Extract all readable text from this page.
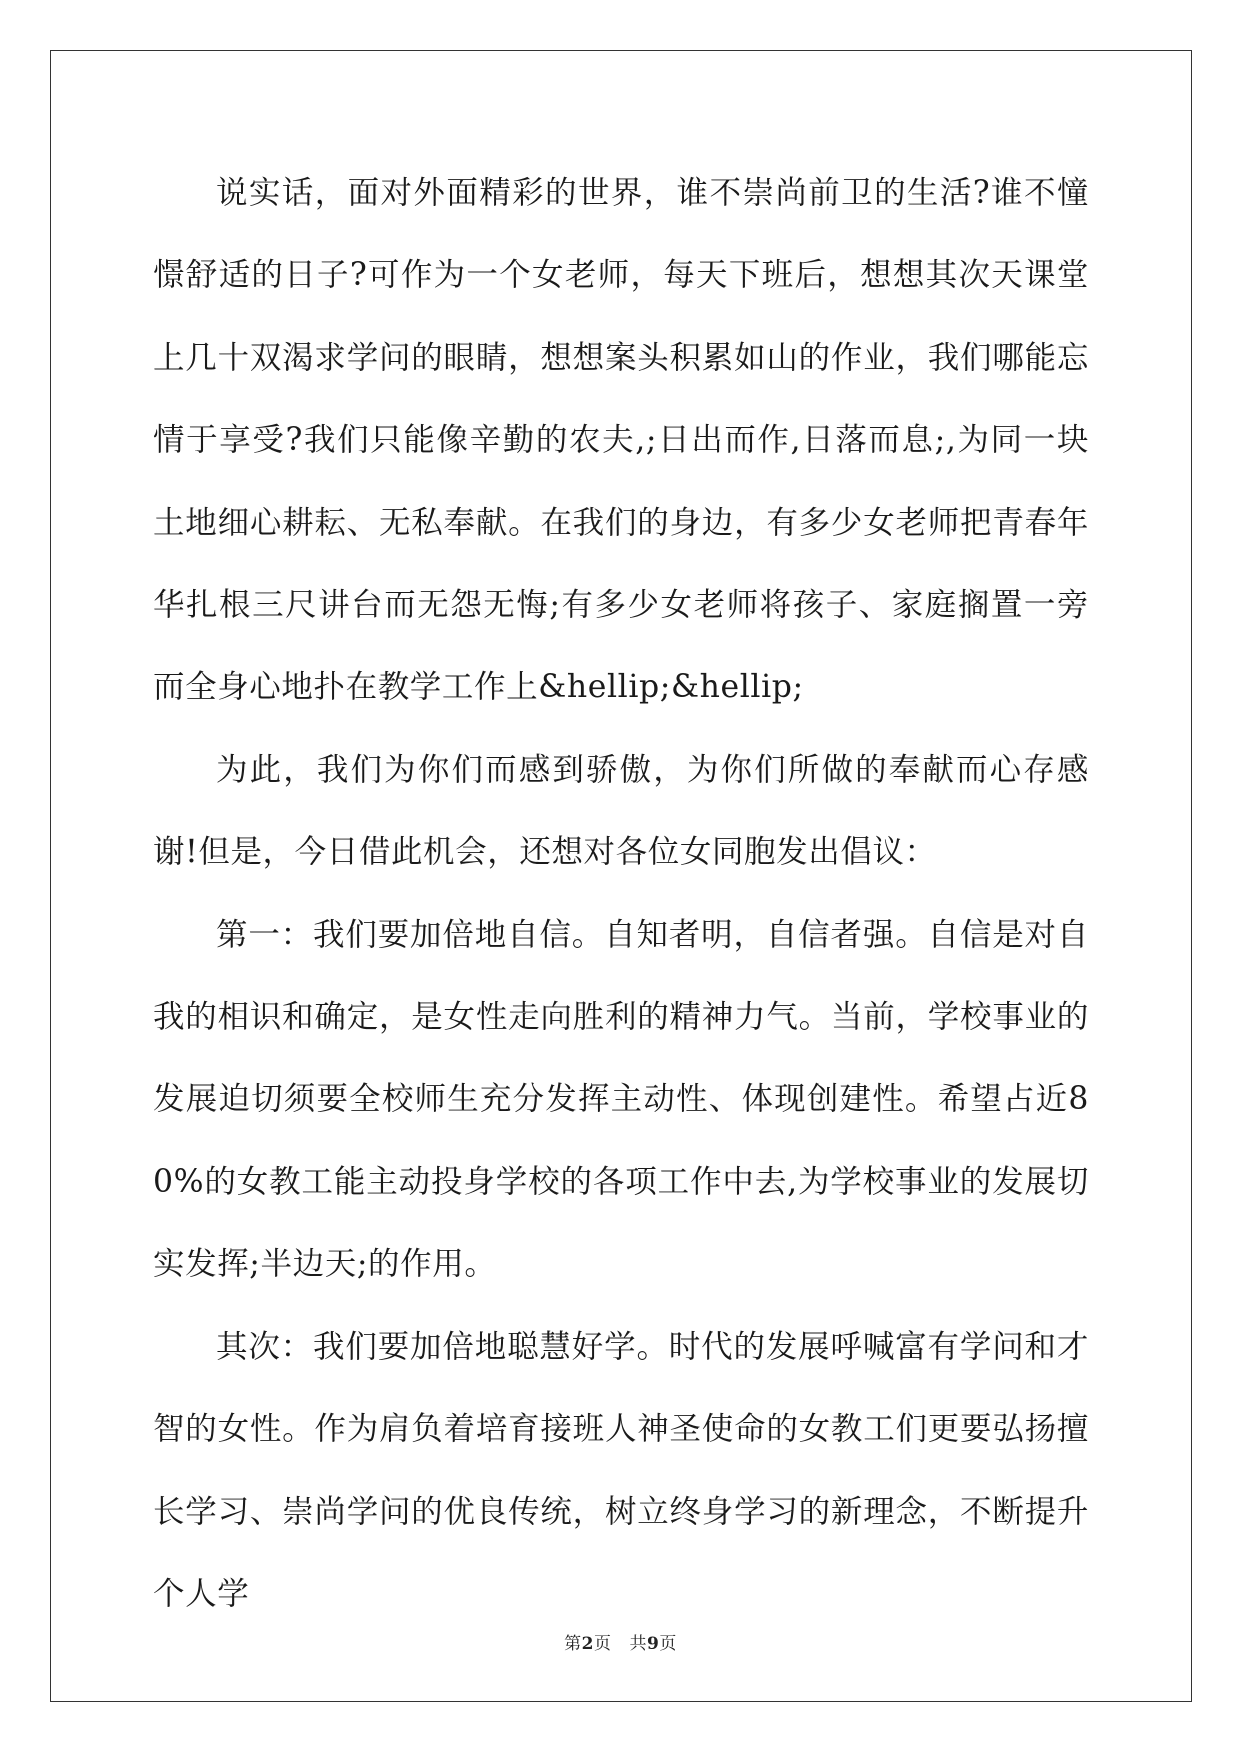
说实话，面对外面精彩的世界，谁不崇尚前卫的生活?谁不憧憬舒适的日子?可作为一个女老师，每天下班后，想想其次天课堂上几十双渴求学问的眼睛，想想案头积累如山的作业，我们哪能忘情于享受?我们只能像辛勤的农夫,;日出而作,日落而息;,为同一块土地细心耕耘、无私奉献。在我们的身边，有多少女老师把青春年华扎根三尺讲台而无怨无悔;有多少女老师将孩子、家庭搁置一旁而全身心地扑在教学工作上&hellip;&hellip;

为此，我们为你们而感到骄傲，为你们所做的奉献而心存感谢!但是，今日借此机会，还想对各位女同胞发出倡议：

第一：我们要加倍地自信。自知者明，自信者强。自信是对自我的相识和确定，是女性走向胜利的精神力气。当前，学校事业的发展迫切须要全校师生充分发挥主动性、体现创建性。希望占近80%的女教工能主动投身学校的各项工作中去,为学校事业的发展切实发挥;半边天;的作用。

其次：我们要加倍地聪慧好学。时代的发展呼喊富有学问和才智的女性。作为肩负着培育接班人神圣使命的女教工们更要弘扬擅长学习、崇尚学问的优良传统，树立终身学习的新理念，不断提升个人学

第2页 共9页
